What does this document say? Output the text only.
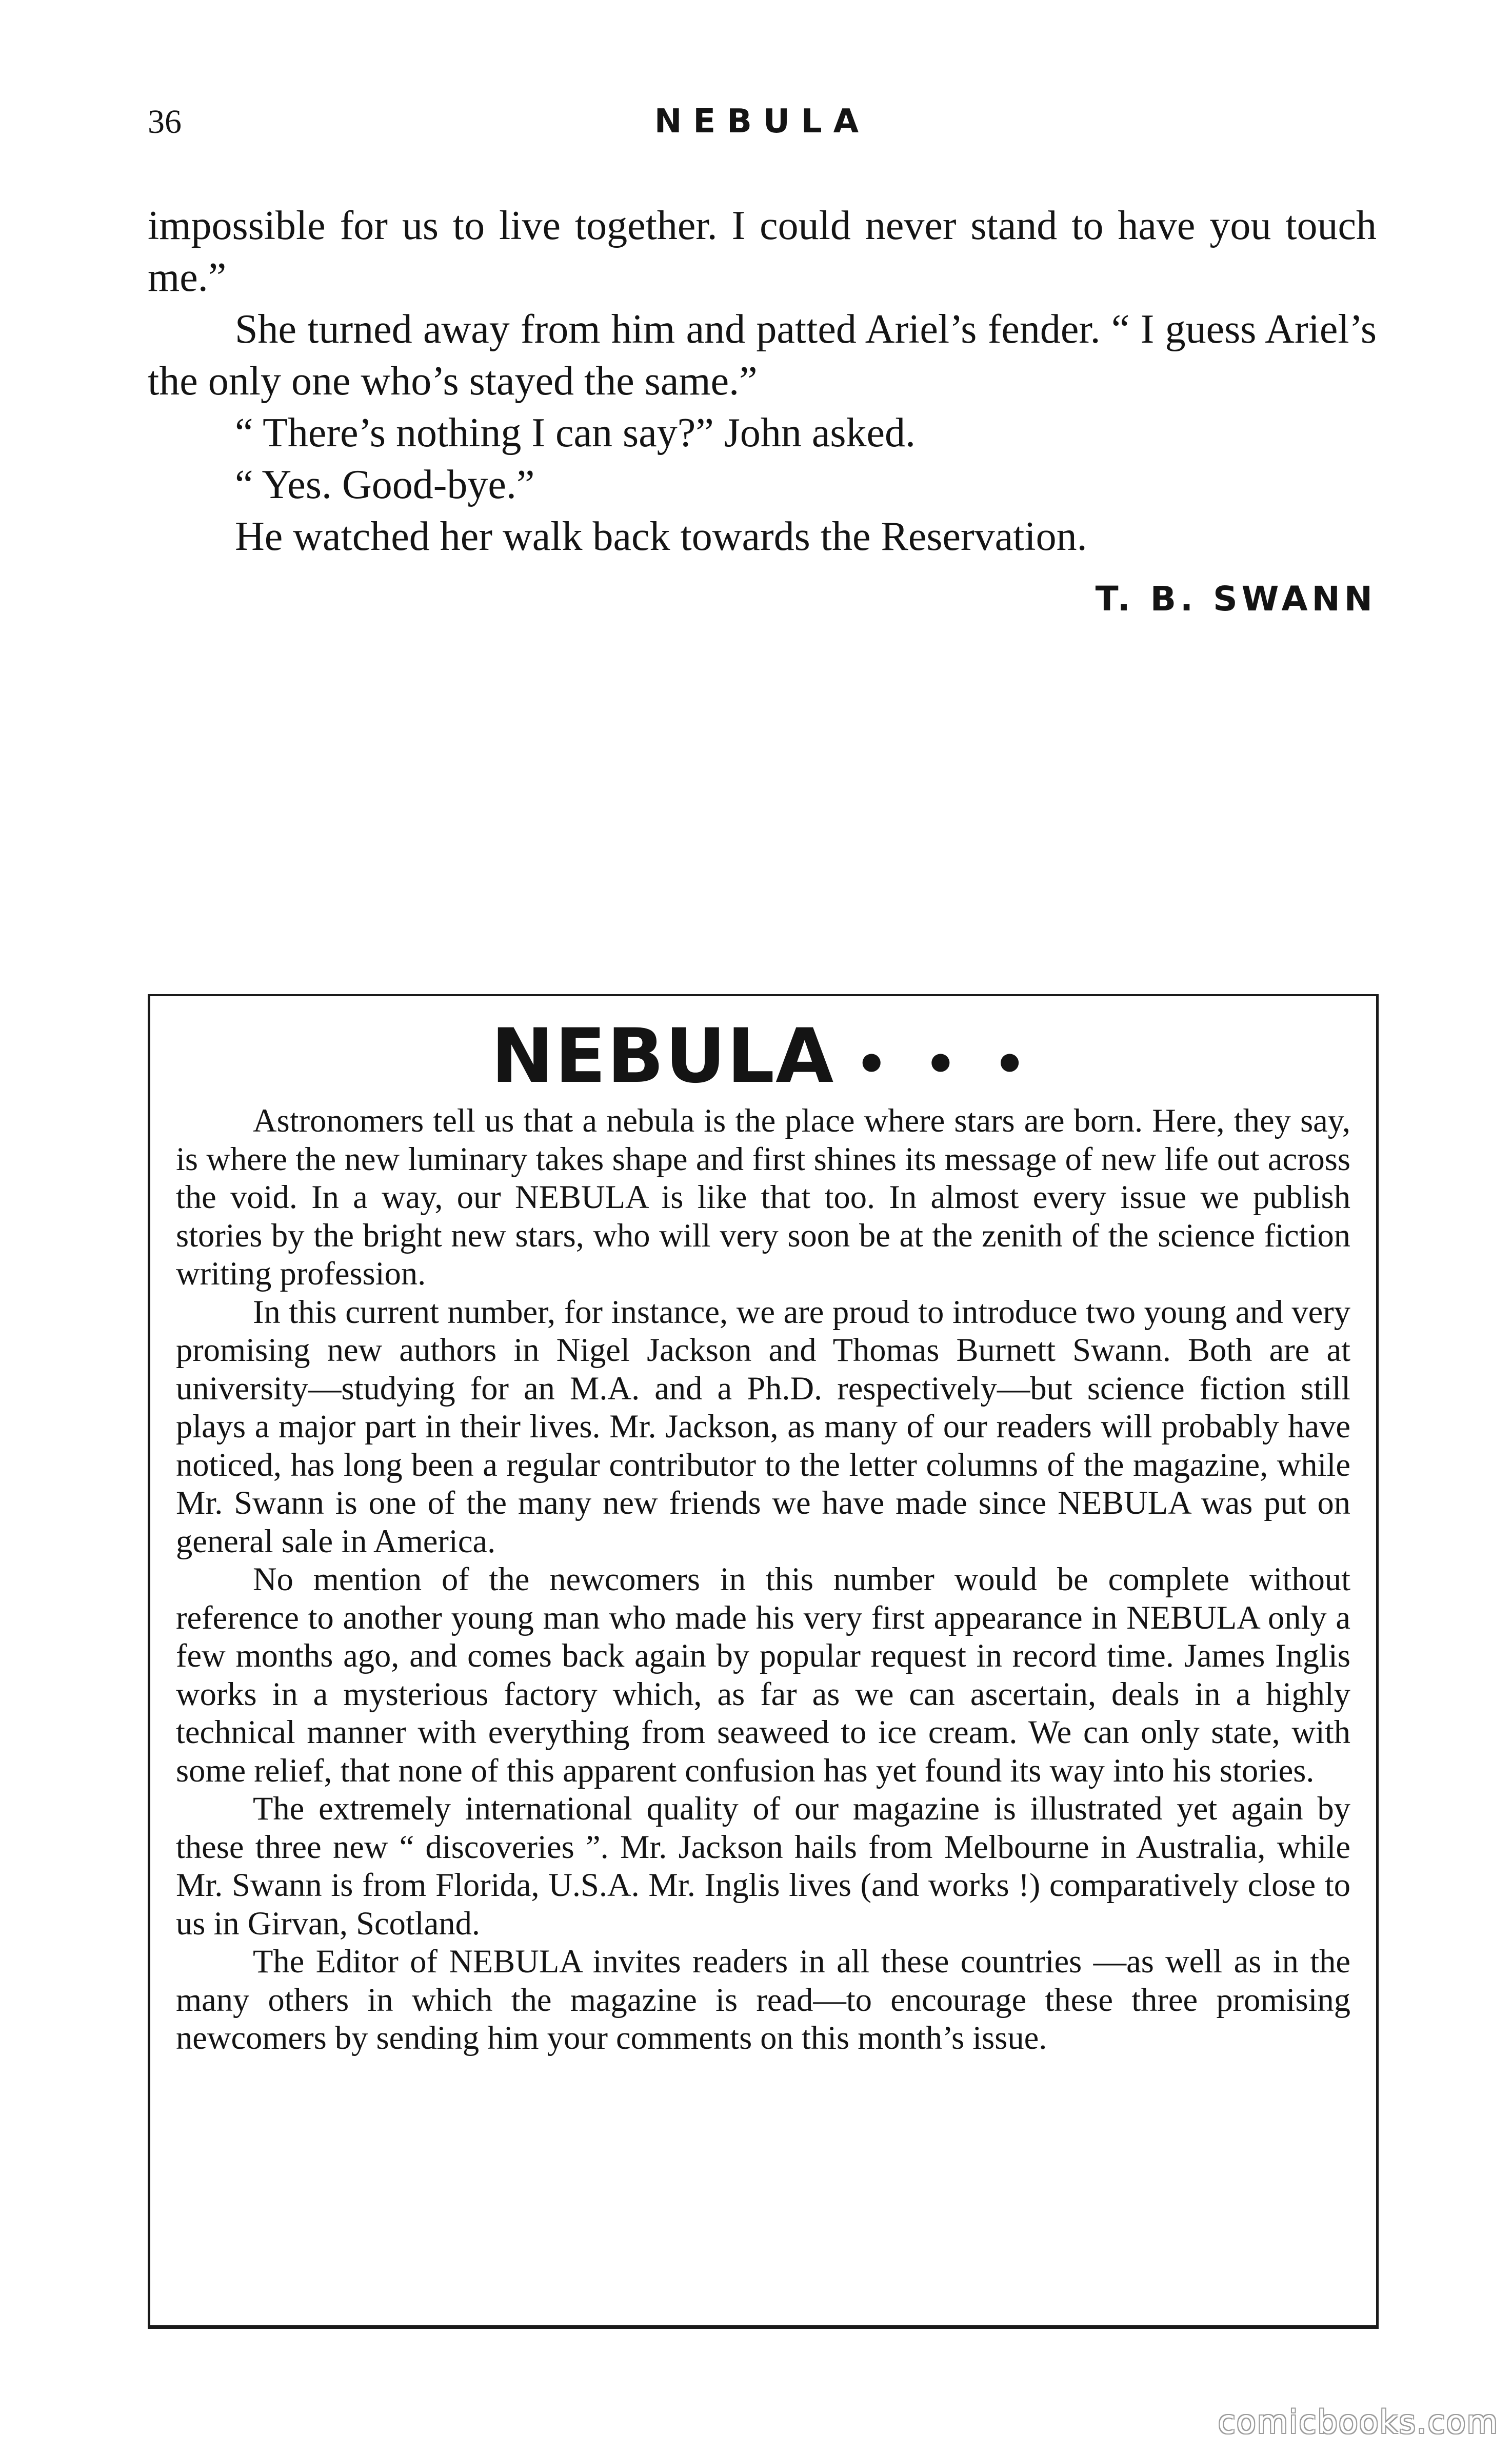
36	NEBULA

impossible for us to live together. I could never stand to have you touch me.”

She turned away from him and patted Ariel’s fender. “ I guess Ariel’s the only one who’s stayed the same.”

“ There’s nothing I can say?” John asked.

“ Yes. Good-bye.”

He watched her walk back towards the Reservation.

T. B. SWANN
NEBULA • • •

Astronomers tell us that a nebula is the place where stars are born. Here, they say, is where the new luminary takes shape and first shines its message of new life out across the void. In a way, our NEBULA is like that too. In almost every issue we publish stories by the bright new stars, who will very soon be at the zenith of the science fiction writing profession.

In this current number, for instance, we are proud to introduce two young and very promising new authors in Nigel Jackson and Thomas Burnett Swann. Both are at university—studying for an M.A. and a Ph.D. respectively—but science fiction still plays a major part in their lives. Mr. Jackson, as many of our readers will probably have noticed, has long been a regular contributor to the letter columns of the magazine, while Mr. Swann is one of the many new friends we have made since NEBULA was put on general sale in America.

No mention of the newcomers in this number would be complete without reference to another young man who made his very first appearance in NEBULA only a few months ago, and comes back again by popular request in record time. James Inglis works in a mysterious factory which, as far as we can ascertain, deals in a highly technical manner with everything from seaweed to ice cream. We can only state, with some relief, that none of this apparent confusion has yet found its way into his stories.

The extremely international quality of our magazine is illustrated yet again by these three new “ discoveries ”. Mr. Jackson hails from Melbourne in Australia, while Mr. Swann is from Florida, U.S.A. Mr. Inglis lives (and works !) comparatively close to us in Girvan, Scotland.

The Editor of NEBULA invites readers in all these countries —as well as in the many others in which the magazine is read—to encourage these three promising newcomers by sending him your comments on this month’s issue.

comicbooks.com
